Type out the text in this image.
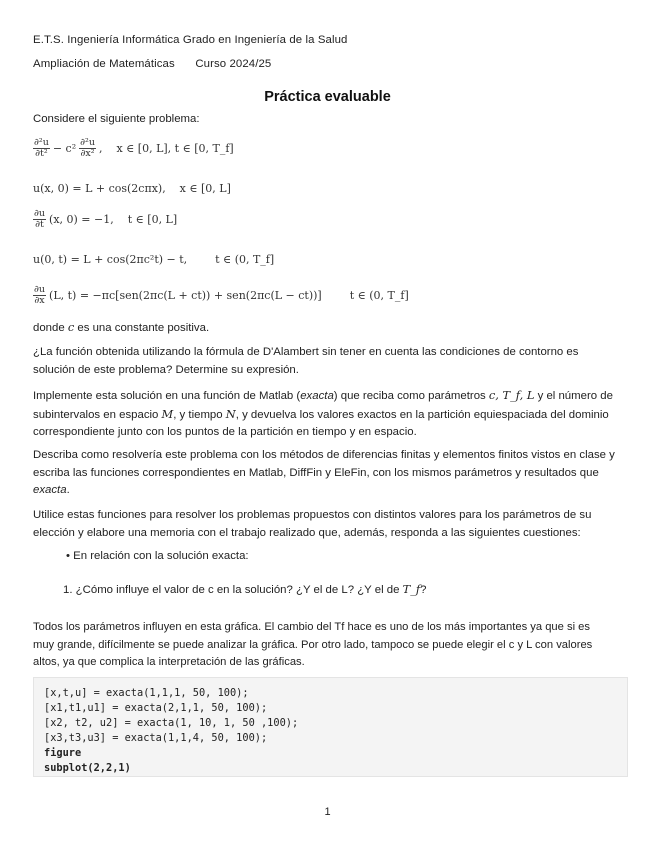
E.T.S. Ingeniería Informática Grado en Ingeniería de la Salud
Ampliación de Matemáticas Curso 2024/25
Práctica evaluable
Considere el siguiente problema:
$\frac{\text{∂²u}}{\text{∂t²}} - c^2 \frac{\text{∂²u}}{\text{∂x²}}$ ,    x ∈ [0, L], t ∈ [0, T_f]
u(x, 0) = L + cos(2cπx),    x ∈ [0, L]
$\frac{\partial u}{\partial t} (x$, 0) = −1,    t ∈ [0, L]
u(0, t) = L + cos(2πc²t) − t,        t ∈ (0, T_f]
$\frac{\partial u}{\partial x} (L$, t) = −πc[sen(2πc(L + ct)) + sen(2πc(L − ct))]        t ∈ (0, T_f]
donde c es una constante positiva.
¿La función obtenida utilizando la fórmula de D'Alambert sin tener en cuenta las condiciones de contorno es solución de este problema? Determine su expresión.
Implemente esta solución en una función de Matlab (exacta) que reciba como parámetros c, T_f, L y el número de subintervalos en espacio M, y tiempo N, y devuelva los valores exactos en la partición equiespaciada del dominio correspondiente junto con los puntos de la partición en tiempo y en espacio.
Describa como resolvería este problema con los métodos de diferencias finitas y elementos finitos vistos en clase y escriba las funciones correspondientes en Matlab, DiffFin y EleFin, con los mismos parámetros y resultados que exacta.
Utilice estas funciones para resolver los problemas propuestos con distintos valores para los parámetros de su elección y elabore una memoria con el trabajo realizado que, además, responda a las siguientes cuestiones:
• En relación con la solución exacta:
1. ¿Cómo influye el valor de c en la solución? ¿Y el de L? ¿Y el de T_f?
Todos los parámetros influyen en esta gráfica. El cambio del Tf hace es uno de los más importantes ya que si es muy grande, difícilmente se puede analizar la gráfica. Por otro lado, tampoco se puede elegir el c y L con valores altos, ya que complica la interpretación de las gráficas.
[x,t,u] = exacta(1,1,1, 50, 100);
[x1,t1,u1] = exacta(2,1,1, 50, 100);
[x2, t2, u2] = exacta(1, 10, 1, 50 ,100);
[x3,t3,u3] = exacta(1,1,4, 50, 100);
figure
subplot(2,2,1)
1
